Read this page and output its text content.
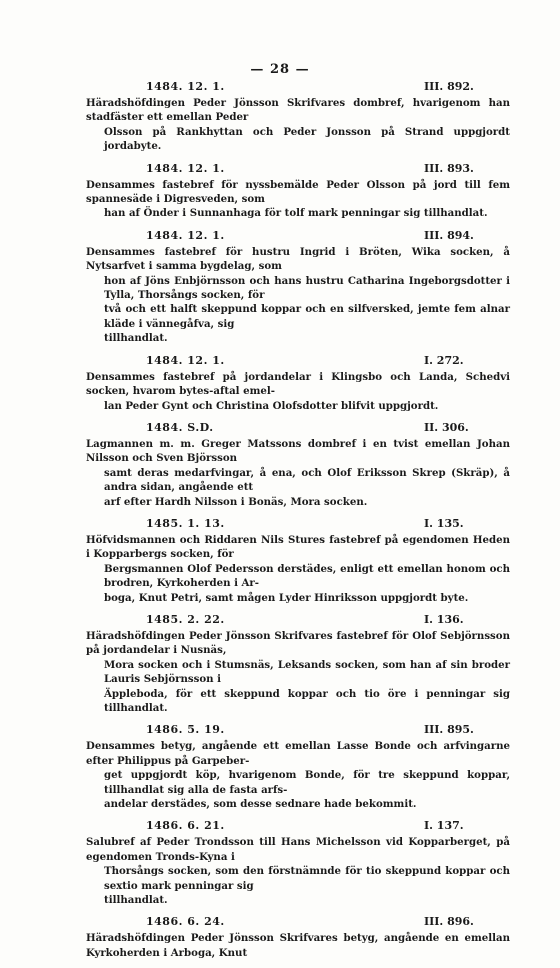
— 28 —
1484. 12. 1.	III. 892.
Häradshöfdingen Peder Jönsson Skrifvares dombref, hvarigenom han stadfäster ett emellan Peder
Olsson på Rankhyttan och Peder Jonsson på Strand uppgjordt jordabyte.
1484. 12. 1.	III. 893.
Densammes fastebref för nyssbemälde Peder Olsson på jord till fem spannesäde i Digresveden, som
han af Önder i Sunnanhaga för tolf mark penningar sig tillhandlat.
1484. 12. 1.	III. 894.
Densammes fastebref för hustru Ingrid i Bröten, Wika socken, å Nytsarfvet i samma bygdelag, som
hon af Jöns Enbjörnsson och hans hustru Catharina Ingeborgsdotter i Tylla, Thorsångs socken, för
två och ett halft skeppund koppar och en silfversked, jemte fem alnar kläde i vännegåfva, sig
tillhandlat.
1484. 12. 1.	I. 272.
Densammes fastebref på jordandelar i Klingsbo och Landa, Schedvi socken, hvarom bytes-aftal emel-
lan Peder Gynt och Christina Olofsdotter blifvit uppgjordt.
1484. S.D.	II. 306.
Lagmannen m. m. Greger Matssons dombref i en tvist emellan Johan Nilsson och Sven Björsson
samt deras medarfvingar, å ena, och Olof Eriksson Skrep (Skräp), å andra sidan, angående ett
arf efter Hardh Nilsson i Bonäs, Mora socken.
1485. 1. 13.	I. 135.
Höfvidsmannen och Riddaren Nils Stures fastebref på egendomen Heden i Kopparbergs socken, för
Bergsmannen Olof Pedersson derstädes, enligt ett emellan honom och brodren, Kyrkoherden i Ar-
boga, Knut Petri, samt mågen Lyder Hinriksson uppgjordt byte.
1485. 2. 22.	I. 136.
Häradshöfdingen Peder Jönsson Skrifvares fastebref för Olof Sebjörnsson på jordandelar i Nusnäs,
Mora socken och i Stumsnäs, Leksands socken, som han af sin broder Lauris Sebjörnsson i
Äppleboda, för ett skeppund koppar och tio öre i penningar sig tillhandlat.
1486. 5. 19.	III. 895.
Densammes betyg, angående ett emellan Lasse Bonde och arfvingarne efter Philippus på Garpeber-
get uppgjordt köp, hvarigenom Bonde, för tre skeppund koppar, tillhandlat sig alla de fasta arfs-
andelar derstädes, som desse sednare hade bekommit.
1486. 6. 21.	I. 137.
Salubref af Peder Trondsson till Hans Michelsson vid Kopparberget, på egendomen Tronds-Kyna i
Thorsångs socken, som den förstnämnde för tio skeppund koppar och sextio mark penningar sig
tillhandlat.
1486. 6. 24.	III. 896.
Häradshöfdingen Peder Jönsson Skrifvares betyg, angående en emellan Kyrkoherden i Arboga, Knut
